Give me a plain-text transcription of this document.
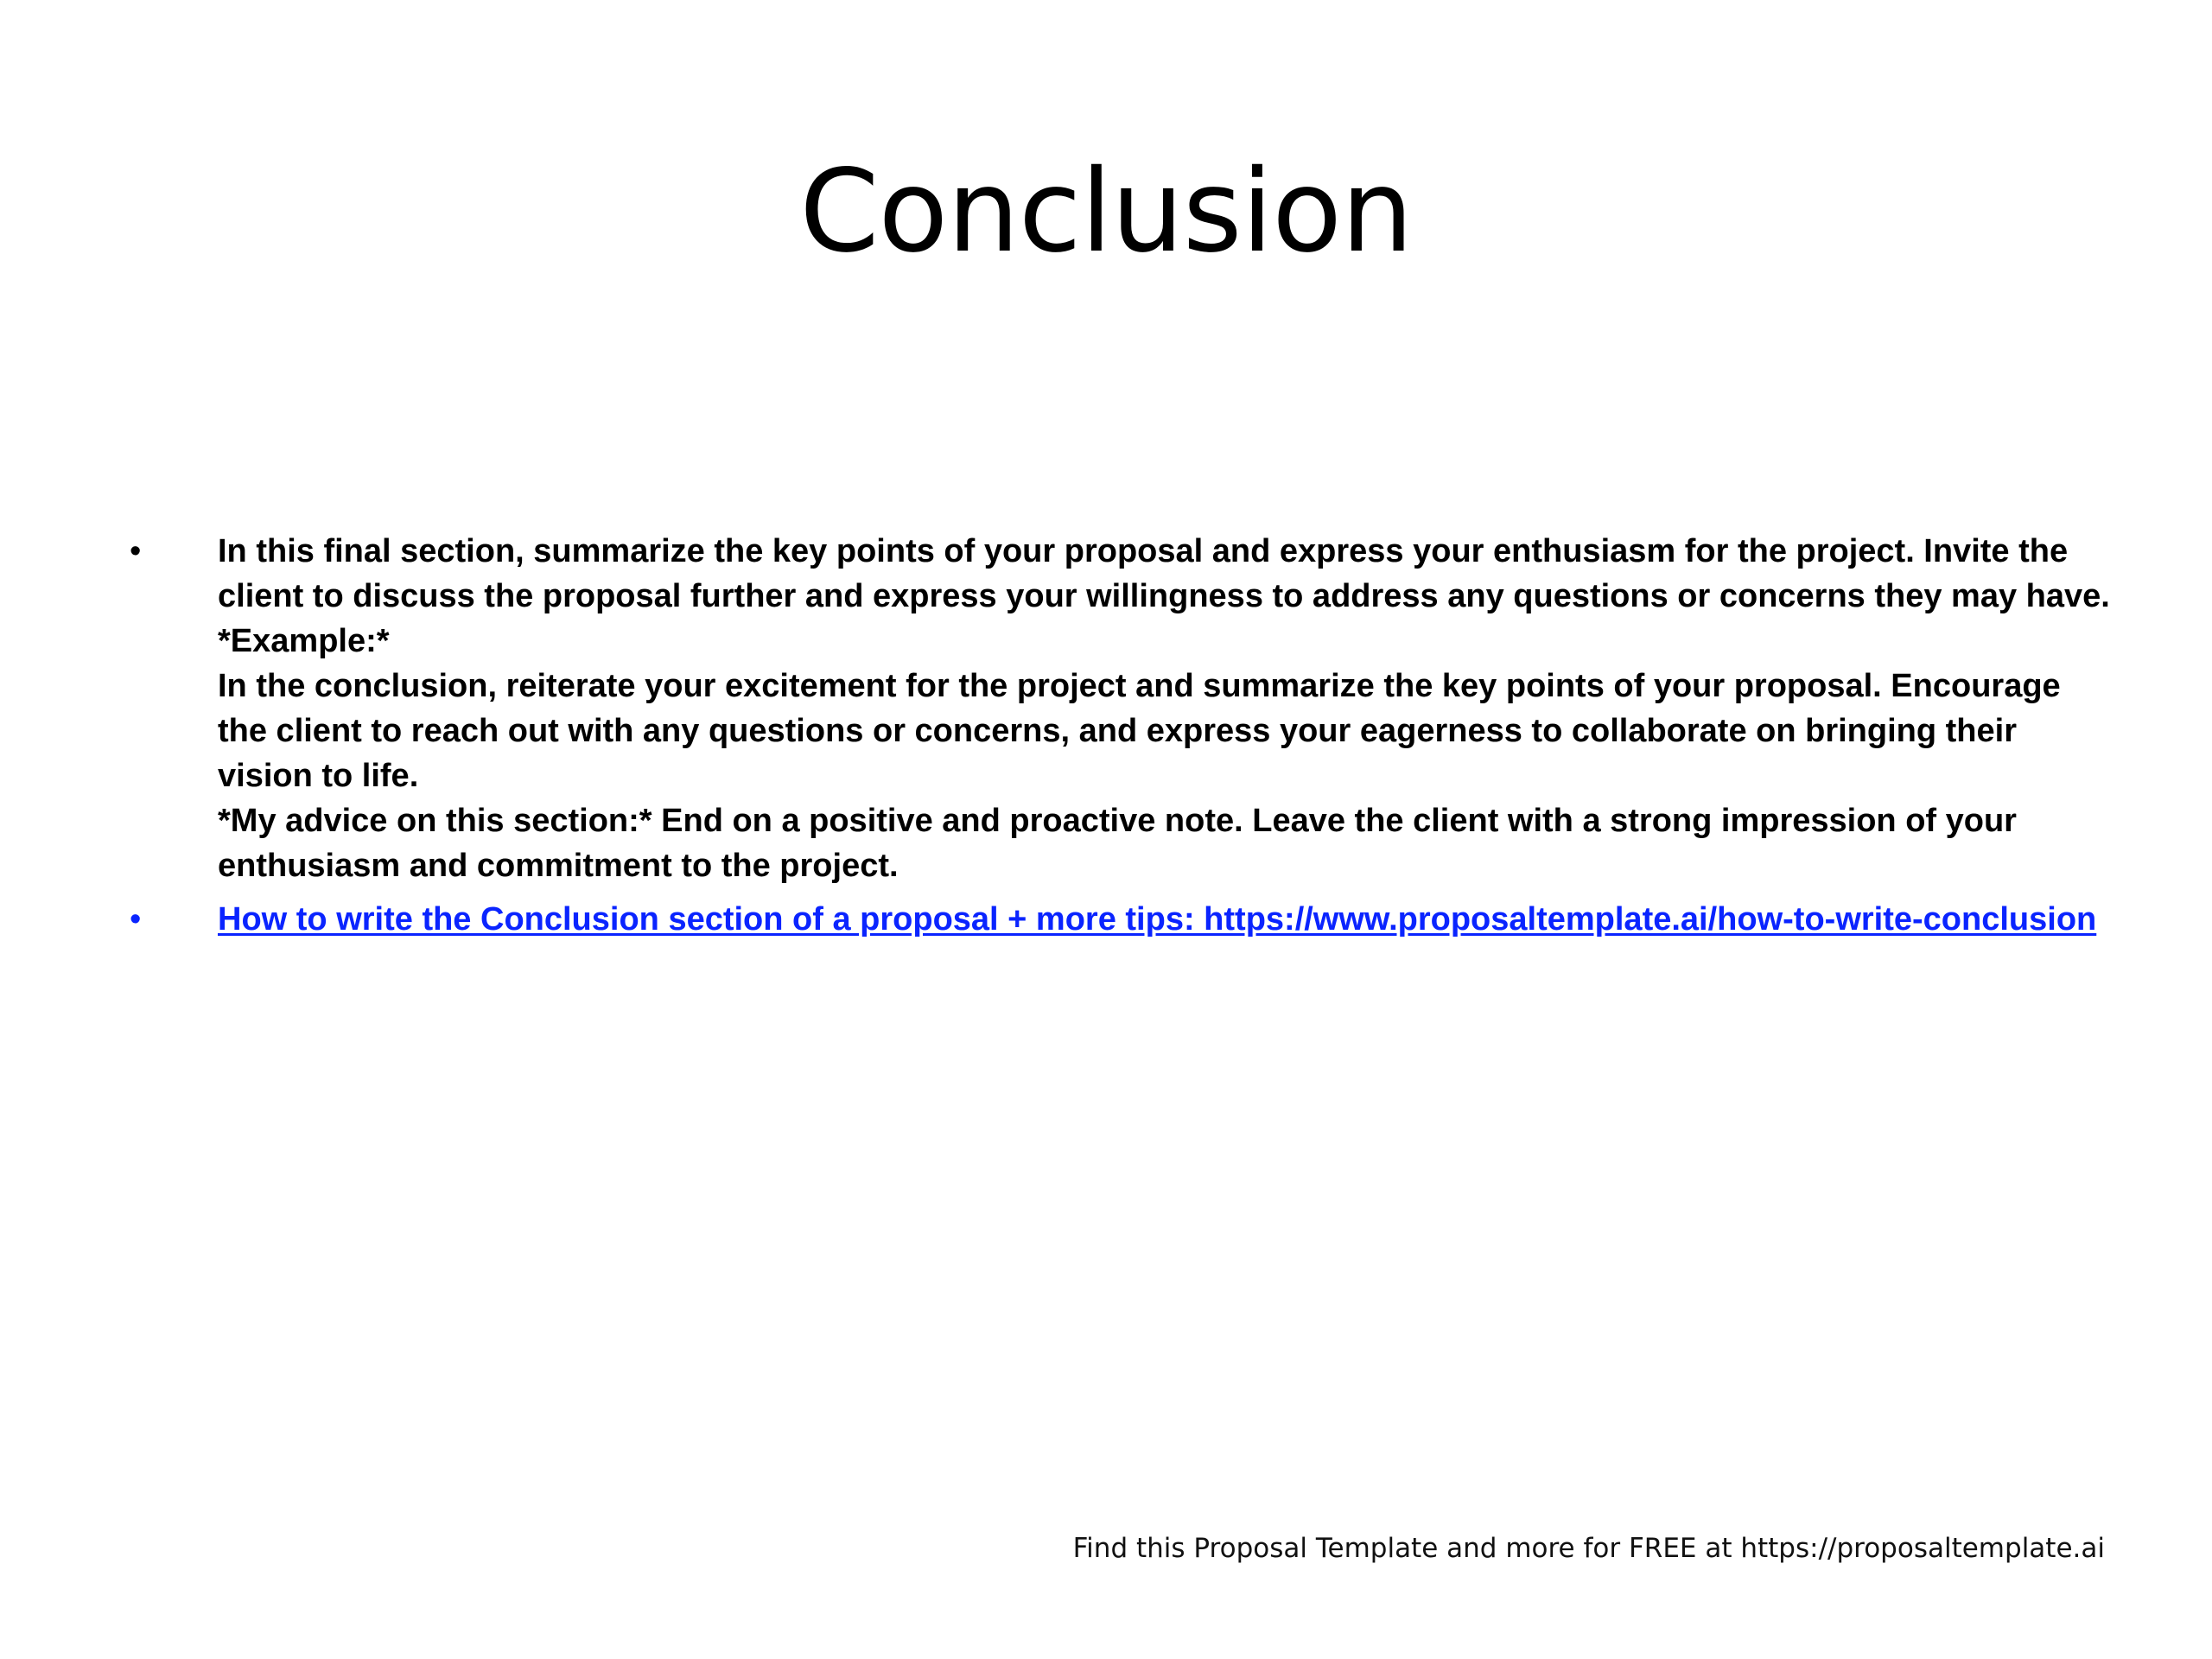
Conclusion
•	In this final section, summarize the key points of your proposal and express your enthusiasm for the project. Invite the client to discuss the proposal further and express your willingness to address any questions or concerns they may have.
*Example:*
In the conclusion, reiterate your excitement for the project and summarize the key points of your proposal. Encourage the client to reach out with any questions or concerns, and express your eagerness to collaborate on bringing their vision to life.
*My advice on this section:* End on a positive and proactive note. Leave the client with a strong impression of your enthusiasm and commitment to the project.
•	How to write the Conclusion section of a proposal + more tips: https://www.proposaltemplate.ai/how-to-write-conclusion
Find this Proposal Template and more for FREE at https://proposaltemplate.ai
